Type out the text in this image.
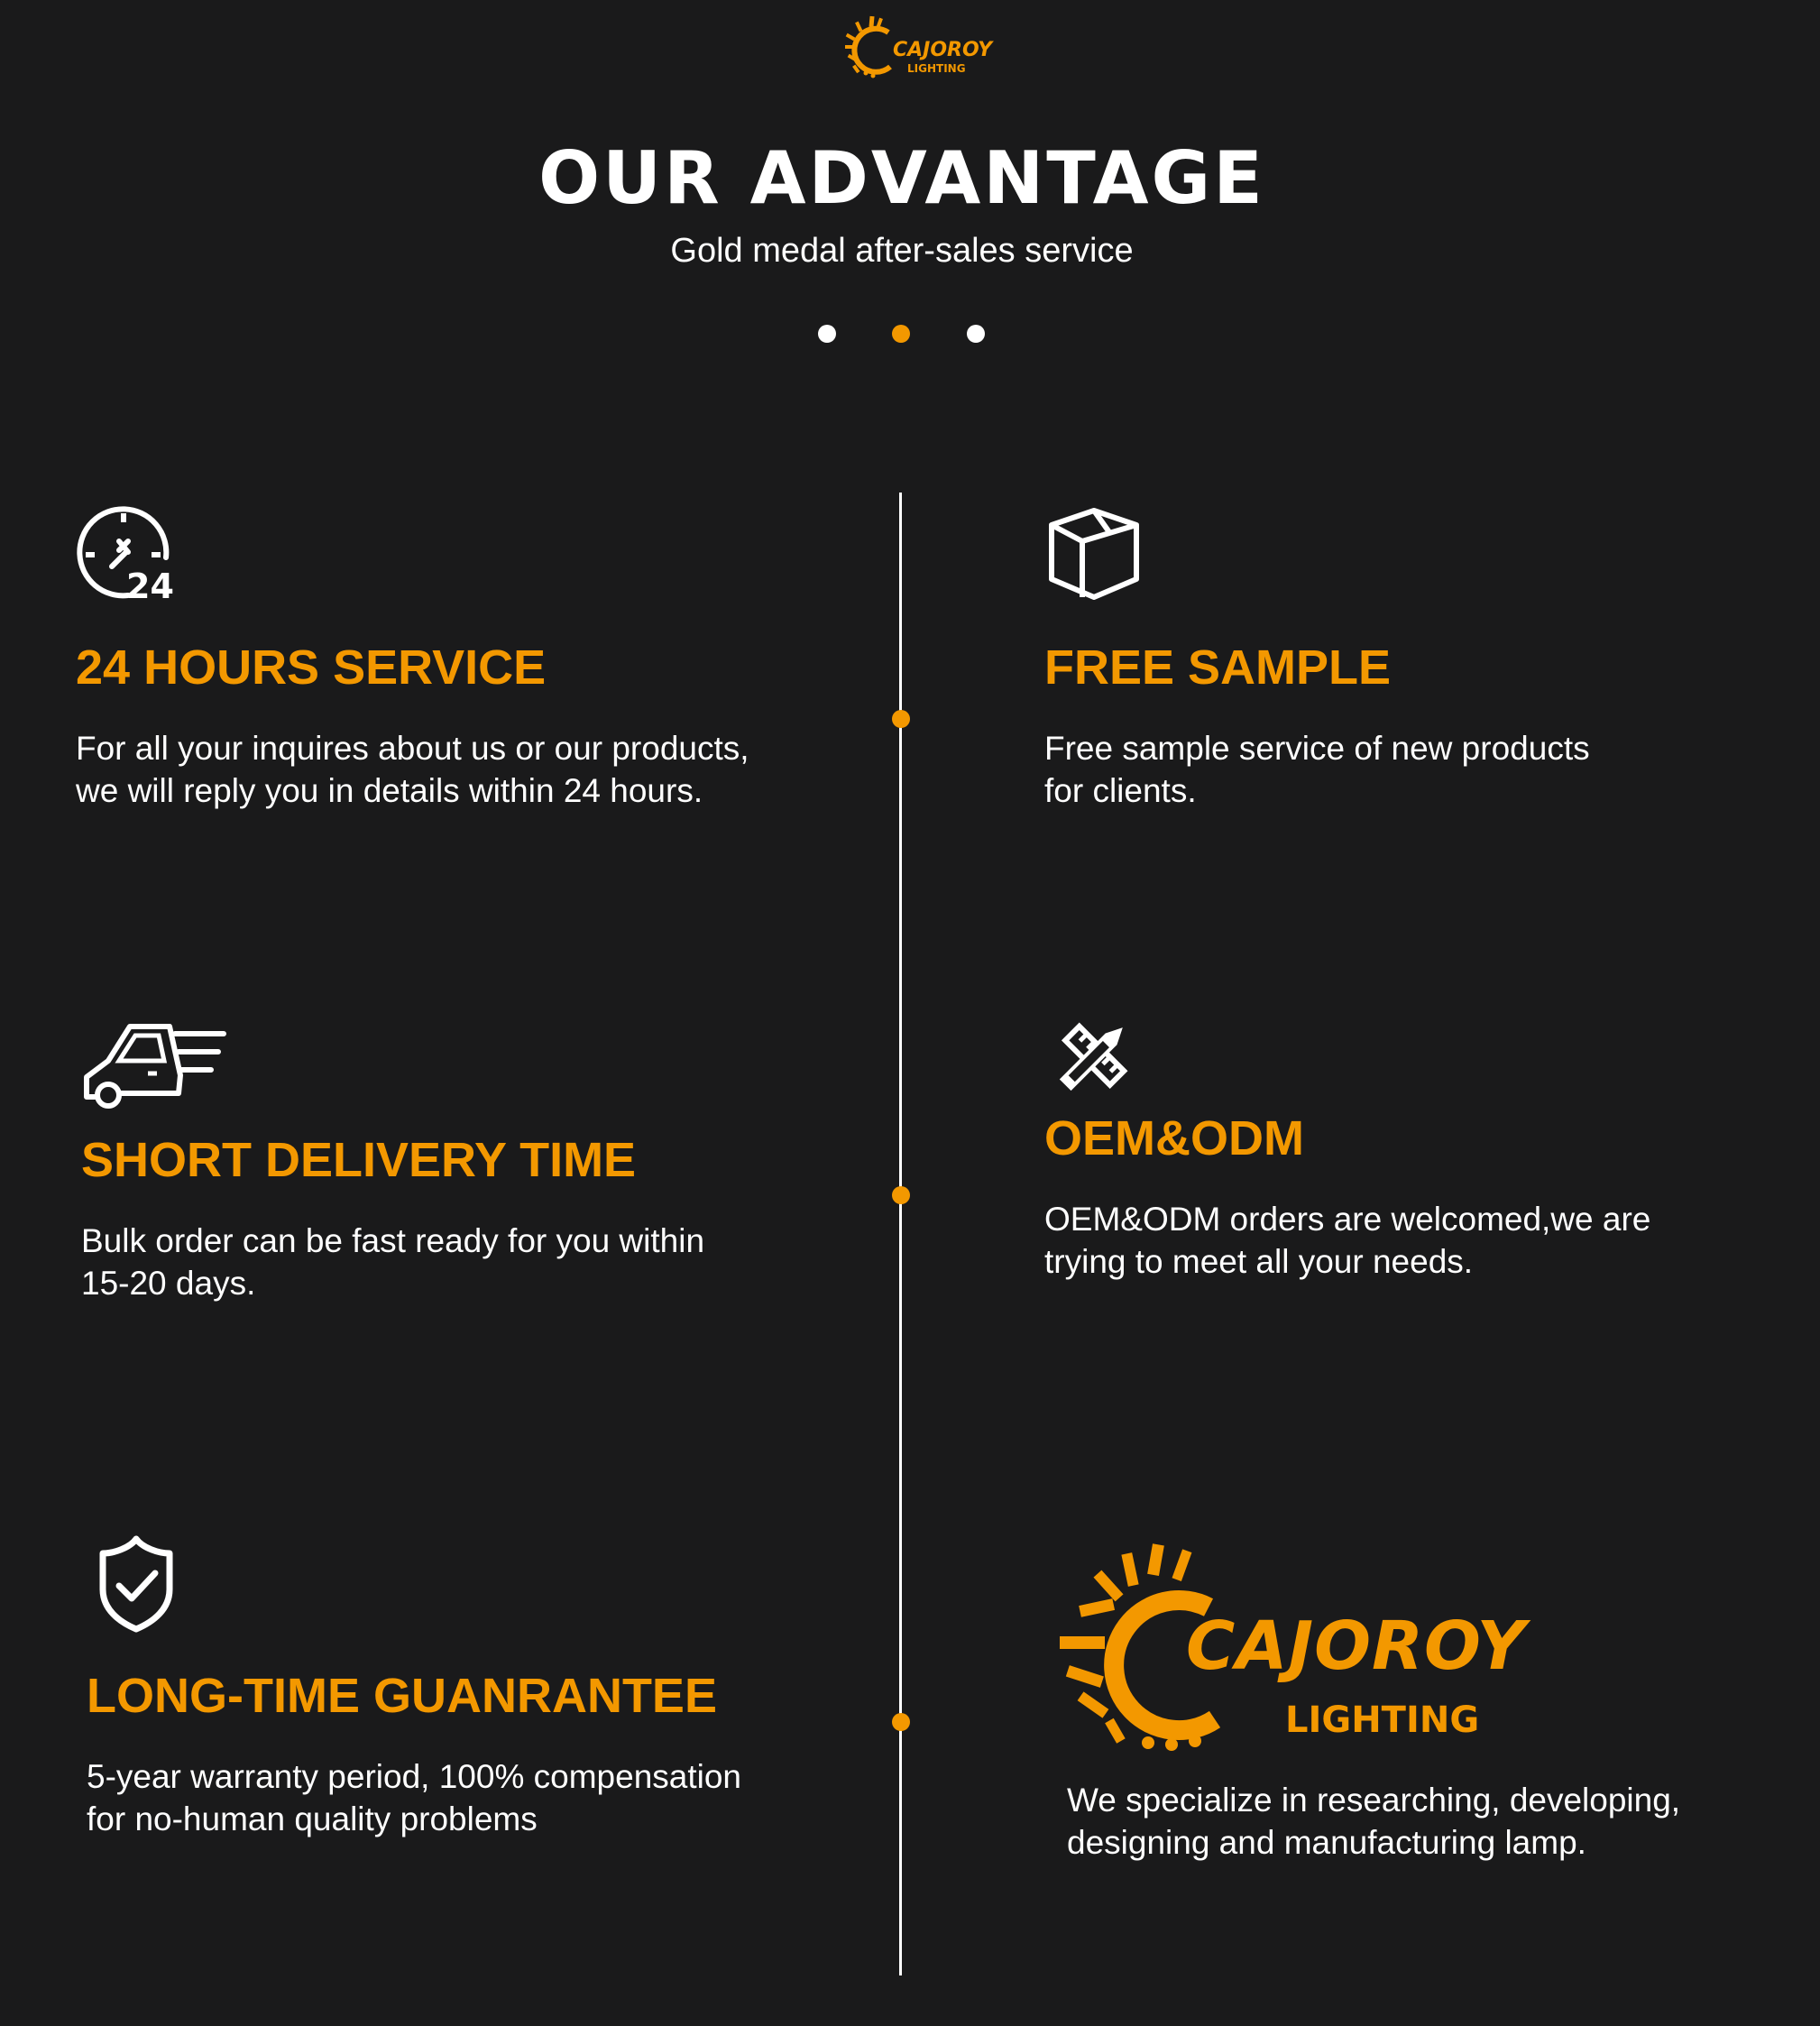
CAJOROY
LIGHTING
OUR ADVANTAGE
Gold medal after-sales service
24
24 HOURS SERVICE

For all your inquires about us or our products,
we will reply you in details within 24 hours.

FREE SAMPLE

Free sample service of new products
for clients.

SHORT DELIVERY TIME

Bulk order can be fast ready for you within
15-20 days.

OEM&ODM

OEM&ODM orders are welcomed,we are
trying to meet all your needs.

LONG-TIME GUANRANTEE

5-year warranty period, 100% compensation
for no-human quality problems

CAJOROY
LIGHTING

We specialize in researching, developing,
designing and manufacturing lamp.
